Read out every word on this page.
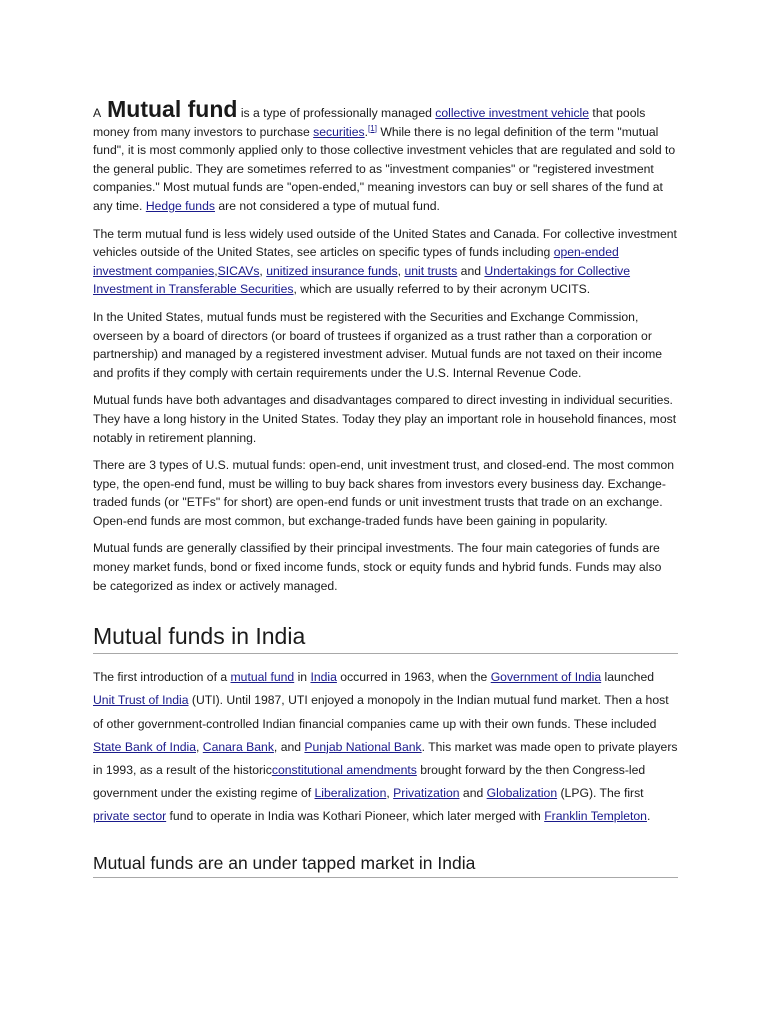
A Mutual fund is a type of professionally managed collective investment vehicle that pools money from many investors to purchase securities.[1] While there is no legal definition of the term "mutual fund", it is most commonly applied only to those collective investment vehicles that are regulated and sold to the general public. They are sometimes referred to as "investment companies" or "registered investment companies." Most mutual funds are "open-ended," meaning investors can buy or sell shares of the fund at any time. Hedge funds are not considered a type of mutual fund.

The term mutual fund is less widely used outside of the United States and Canada. For collective investment vehicles outside of the United States, see articles on specific types of funds including open-ended investment companies,SICAVs, unitized insurance funds, unit trusts and Undertakings for Collective Investment in Transferable Securities, which are usually referred to by their acronym UCITS.

In the United States, mutual funds must be registered with the Securities and Exchange Commission, overseen by a board of directors (or board of trustees if organized as a trust rather than a corporation or partnership) and managed by a registered investment adviser. Mutual funds are not taxed on their income and profits if they comply with certain requirements under the U.S. Internal Revenue Code.

Mutual funds have both advantages and disadvantages compared to direct investing in individual securities. They have a long history in the United States. Today they play an important role in household finances, most notably in retirement planning.

There are 3 types of U.S. mutual funds: open-end, unit investment trust, and closed-end. The most common type, the open-end fund, must be willing to buy back shares from investors every business day. Exchange-traded funds (or "ETFs" for short) are open-end funds or unit investment trusts that trade on an exchange. Open-end funds are most common, but exchange-traded funds have been gaining in popularity.

Mutual funds are generally classified by their principal investments. The four main categories of funds are money market funds, bond or fixed income funds, stock or equity funds and hybrid funds. Funds may also be categorized as index or actively managed.

Mutual funds in India

The first introduction of a mutual fund in India occurred in 1963, when the Government of India launched Unit Trust of India (UTI). Until 1987, UTI enjoyed a monopoly in the Indian mutual fund market. Then a host of other government-controlled Indian financial companies came up with their own funds. These included State Bank of India, Canara Bank, and Punjab National Bank. This market was made open to private players in 1993, as a result of the historicconstitutional amendments brought forward by the then Congress-led government under the existing regime of Liberalization, Privatization and Globalization (LPG). The first private sector fund to operate in India was Kothari Pioneer, which later merged with Franklin Templeton.

Mutual funds are an under tapped market in India
